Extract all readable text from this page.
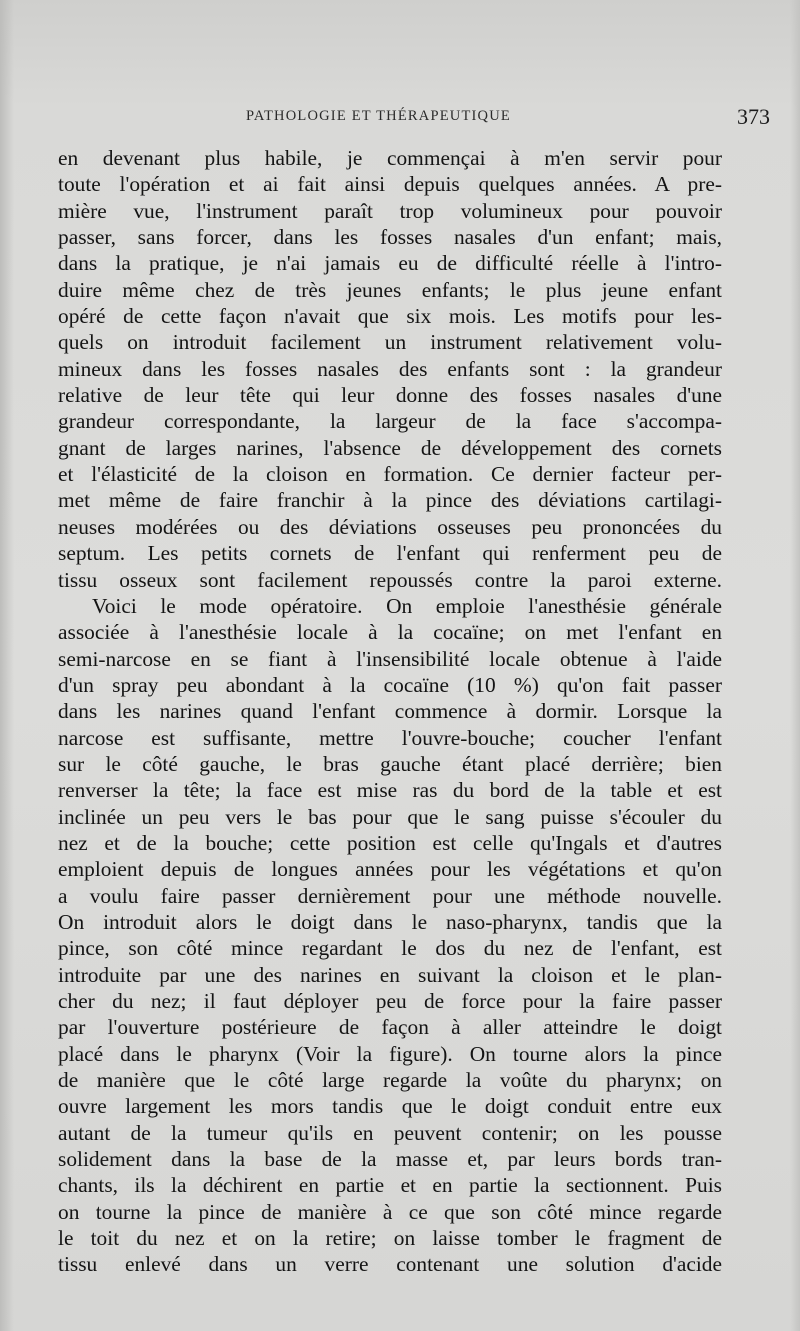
PATHOLOGIE ET THÉRAPEUTIQUE	373
en devenant plus habile, je commençai à m'en servir pour
toute l'opération et ai fait ainsi depuis quelques années. A pre-
mière vue, l'instrument paraît trop volumineux pour pouvoir
passer, sans forcer, dans les fosses nasales d'un enfant; mais,
dans la pratique, je n'ai jamais eu de difficulté réelle à l'intro-
duire même chez de très jeunes enfants; le plus jeune enfant
opéré de cette façon n'avait que six mois. Les motifs pour les-
quels on introduit facilement un instrument relativement volu-
mineux dans les fosses nasales des enfants sont : la grandeur
relative de leur tête qui leur donne des fosses nasales d'une
grandeur correspondante, la largeur de la face s'accompa-
gnant de larges narines, l'absence de développement des cornets
et l'élasticité de la cloison en formation. Ce dernier facteur per-
met même de faire franchir à la pince des déviations cartilagi-
neuses modérées ou des déviations osseuses peu prononcées du
septum. Les petits cornets de l'enfant qui renferment peu de
tissu osseux sont facilement repoussés contre la paroi externe.
Voici le mode opératoire. On emploie l'anesthésie générale
associée à l'anesthésie locale à la cocaïne; on met l'enfant en
semi-narcose en se fiant à l'insensibilité locale obtenue à l'aide
d'un spray peu abondant à la cocaïne (10 %) qu'on fait passer
dans les narines quand l'enfant commence à dormir. Lorsque la
narcose est suffisante, mettre l'ouvre-bouche; coucher l'enfant
sur le côté gauche, le bras gauche étant placé derrière; bien
renverser la tête; la face est mise ras du bord de la table et est
inclinée un peu vers le bas pour que le sang puisse s'écouler du
nez et de la bouche; cette position est celle qu'Ingals et d'autres
emploient depuis de longues années pour les végétations et qu'on
a voulu faire passer dernièrement pour une méthode nouvelle.
On introduit alors le doigt dans le naso-pharynx, tandis que la
pince, son côté mince regardant le dos du nez de l'enfant, est
introduite par une des narines en suivant la cloison et le plan-
cher du nez; il faut déployer peu de force pour la faire passer
par l'ouverture postérieure de façon à aller atteindre le doigt
placé dans le pharynx (Voir la figure). On tourne alors la pince
de manière que le côté large regarde la voûte du pharynx; on
ouvre largement les mors tandis que le doigt conduit entre eux
autant de la tumeur qu'ils en peuvent contenir; on les pousse
solidement dans la base de la masse et, par leurs bords tran-
chants, ils la déchirent en partie et en partie la sectionnent. Puis
on tourne la pince de manière à ce que son côté mince regarde
le toit du nez et on la retire; on laisse tomber le fragment de
tissu enlevé dans un verre contenant une solution d'acide
